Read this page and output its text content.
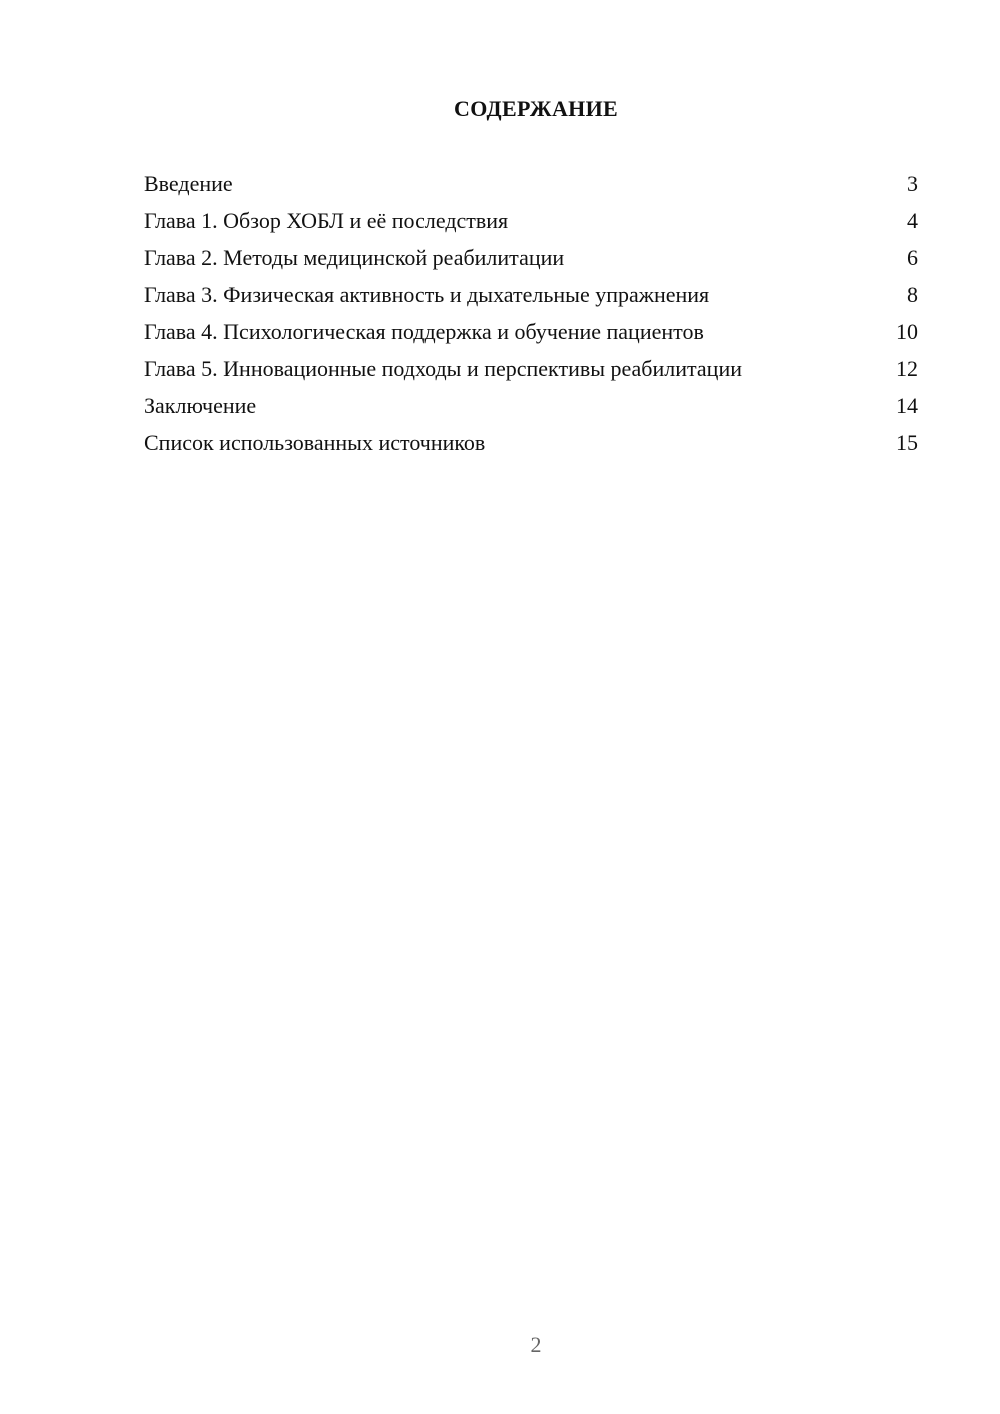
СОДЕРЖАНИЕ
Введение	3
Глава 1. Обзор ХОБЛ и её последствия	4
Глава 2. Методы медицинской реабилитации	6
Глава 3. Физическая активность и дыхательные упражнения	8
Глава 4. Психологическая поддержка и обучение пациентов	10
Глава 5. Инновационные подходы и перспективы реабилитации	12
Заключение	14
Список использованных источников	15
2
